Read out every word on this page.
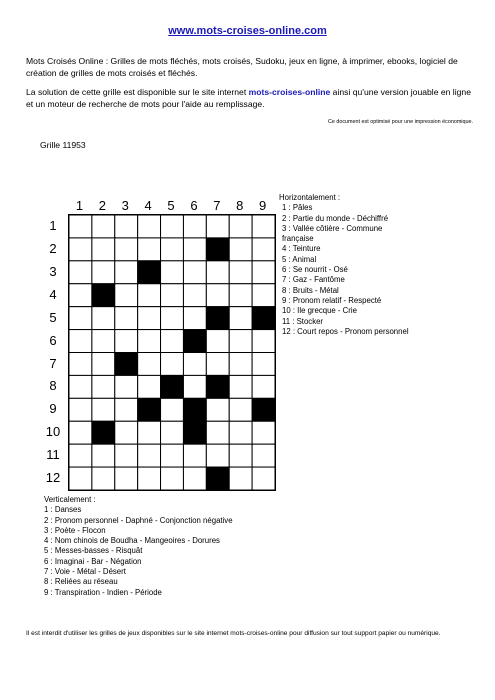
www.mots-croises-online.com

Mots Croisés Online : Grilles de mots fléchés, mots croisés, Sudoku, jeux en ligne, à imprimer, ebooks, logiciel de création de grilles de mots croisés et fléchés.

La solution de cette grille est disponible sur le site internet mots-croises-online ainsi qu'une version jouable en ligne et un moteur de recherche de mots pour l'aide au remplissage.

Ce document est optimisé pour une impression économique.
Grille 11953
1	2	3	4	5	6	7	8	9
1
2
3
4
5
6
7
8
9
10
11
12
Horizontalement :
1 : Pâles
2 : Partie du monde - Déchiffré
3 : Vallée côtière - Commune
française
4 : Teinture
5 : Animal
6 : Se nourrit - Osé
7 : Gaz - Fantôme
8 : Bruits - Métal
9 : Pronom relatif - Respecté
10 : Ile grecque - Crie
11 : Stocker
12 : Court repos - Pronom personnel
Verticalement :
1 : Danses
2 : Pronom personnel - Daphné - Conjonction négative
3 : Poète - Flocon
4 : Nom chinois de Boudha - Mangeoires - Dorures
5 : Messes-basses - Risquât
6 : Imaginai - Bar - Négation
7 : Voie - Métal - Désert
8 : Reliées au réseau
9 : Transpiration - Indien - Période

Il est interdit d'utiliser les grilles de jeux disponibles sur le site internet mots-croises-online pour diffusion sur tout support papier ou numérique.
